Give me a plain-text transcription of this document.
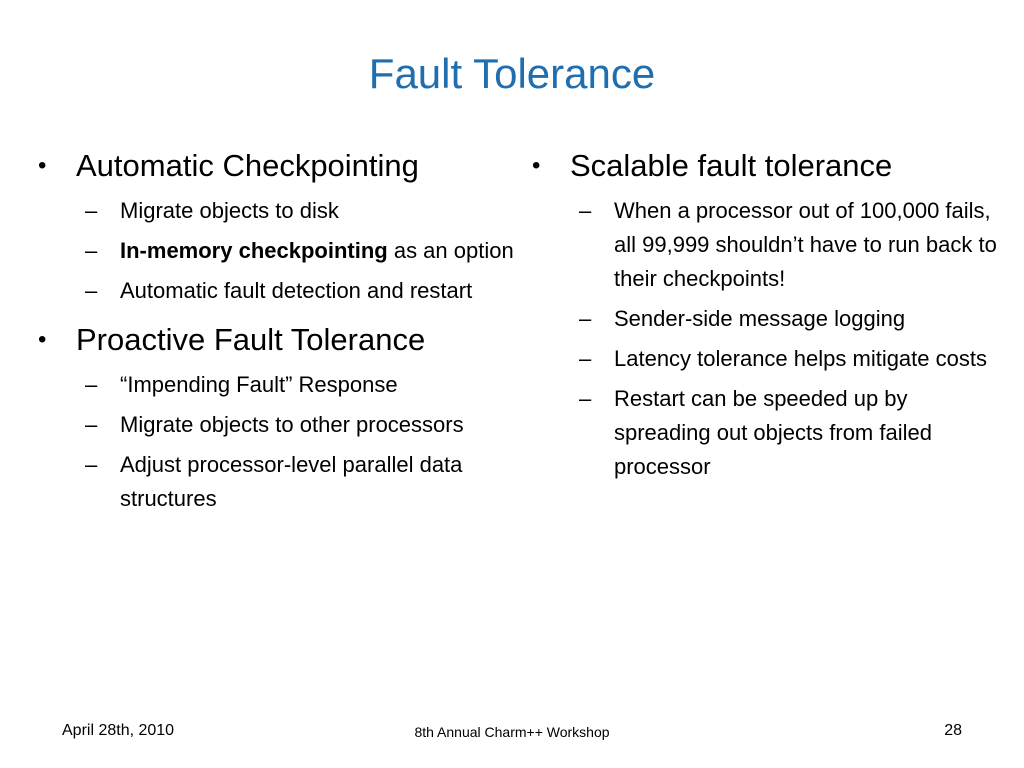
Fault Tolerance
• Automatic Checkpointing
– Migrate objects to disk
– In-memory checkpointing as an option
– Automatic fault detection and restart
• Proactive Fault Tolerance
– “Impending Fault” Response
– Migrate objects to other processors
– Adjust processor-level parallel data structures
• Scalable fault tolerance
– When a processor out of 100,000 fails, all 99,999 shouldn’t have to run back to their checkpoints!
– Sender-side message logging
– Latency tolerance helps mitigate costs
– Restart can be speeded up by spreading out objects from failed processor
April 28th, 2010	8th Annual Charm++ Workshop	28
